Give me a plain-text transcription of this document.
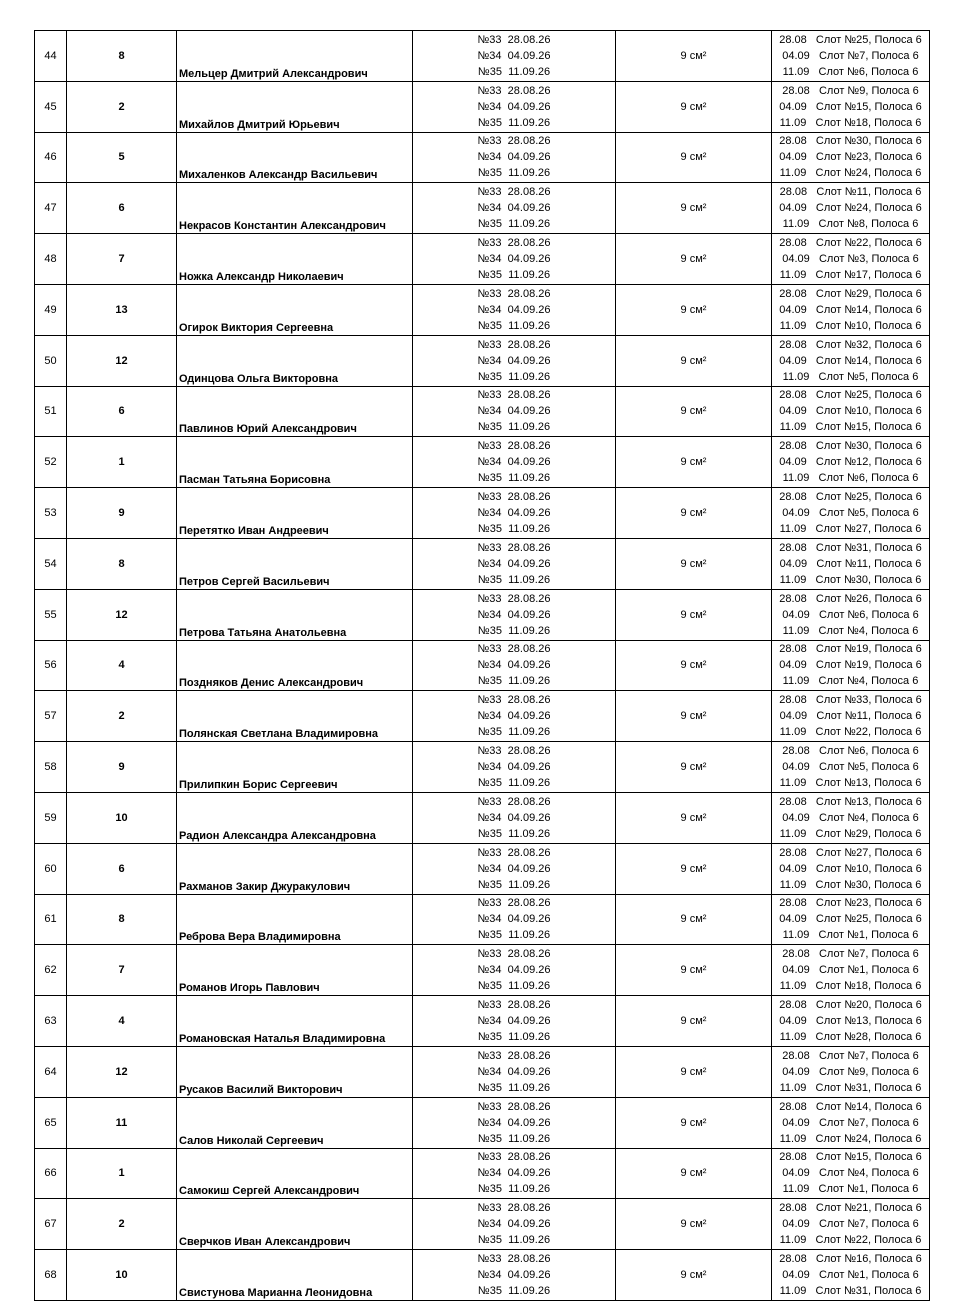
44	8	Мельцер Дмитрий Александрович	№33 28.08.26
№34 04.09.26
№35 11.09.26	9 см²	28.08   Слот №25, Полоса 6
04.09   Слот №7, Полоса 6
11.09   Слот №6, Полоса 6

45	2	Михайлов Дмитрий Юрьевич	№33 28.08.26
№34 04.09.26
№35 11.09.26	9 см²	28.08   Слот №9, Полоса 6
04.09   Слот №15, Полоса 6
11.09   Слот №18, Полоса 6

46	5	Михаленков Александр Васильевич	№33 28.08.26
№34 04.09.26
№35 11.09.26	9 см²	28.08   Слот №30, Полоса 6
04.09   Слот №23, Полоса 6
11.09   Слот №24, Полоса 6

47	6	Некрасов Константин Александрович	№33 28.08.26
№34 04.09.26
№35 11.09.26	9 см²	28.08   Слот №11, Полоса 6
04.09   Слот №24, Полоса 6
11.09   Слот №8, Полоса 6

48	7	Ножка Александр Николаевич	№33 28.08.26
№34 04.09.26
№35 11.09.26	9 см²	28.08   Слот №22, Полоса 6
04.09   Слот №3, Полоса 6
11.09   Слот №17, Полоса 6

49	13	Огирок Виктория Сергеевна	№33 28.08.26
№34 04.09.26
№35 11.09.26	9 см²	28.08   Слот №29, Полоса 6
04.09   Слот №14, Полоса 6
11.09   Слот №10, Полоса 6

50	12	Одинцова Ольга Викторовна	№33 28.08.26
№34 04.09.26
№35 11.09.26	9 см²	28.08   Слот №32, Полоса 6
04.09   Слот №14, Полоса 6
11.09   Слот №5, Полоса 6

51	6	Павлинов Юрий Александрович	№33 28.08.26
№34 04.09.26
№35 11.09.26	9 см²	28.08   Слот №25, Полоса 6
04.09   Слот №10, Полоса 6
11.09   Слот №15, Полоса 6

52	1	Пасман Татьяна Борисовна	№33 28.08.26
№34 04.09.26
№35 11.09.26	9 см²	28.08   Слот №30, Полоса 6
04.09   Слот №12, Полоса 6
11.09   Слот №6, Полоса 6

53	9	Перетятко Иван Андреевич	№33 28.08.26
№34 04.09.26
№35 11.09.26	9 см²	28.08   Слот №25, Полоса 6
04.09   Слот №5, Полоса 6
11.09   Слот №27, Полоса 6

54	8	Петров Сергей Васильевич	№33 28.08.26
№34 04.09.26
№35 11.09.26	9 см²	28.08   Слот №31, Полоса 6
04.09   Слот №11, Полоса 6
11.09   Слот №30, Полоса 6

55	12	Петрова Татьяна Анатольевна	№33 28.08.26
№34 04.09.26
№35 11.09.26	9 см²	28.08   Слот №26, Полоса 6
04.09   Слот №6, Полоса 6
11.09   Слот №4, Полоса 6

56	4	Поздняков Денис Александрович	№33 28.08.26
№34 04.09.26
№35 11.09.26	9 см²	28.08   Слот №19, Полоса 6
04.09   Слот №19, Полоса 6
11.09   Слот №4, Полоса 6

57	2	Полянская Светлана Владимировна	№33 28.08.26
№34 04.09.26
№35 11.09.26	9 см²	28.08   Слот №33, Полоса 6
04.09   Слот №11, Полоса 6
11.09   Слот №22, Полоса 6

58	9	Прилипкин Борис Сергеевич	№33 28.08.26
№34 04.09.26
№35 11.09.26	9 см²	28.08   Слот №6, Полоса 6
04.09   Слот №5, Полоса 6
11.09   Слот №13, Полоса 6

59	10	Радион Александра Александровна	№33 28.08.26
№34 04.09.26
№35 11.09.26	9 см²	28.08   Слот №13, Полоса 6
04.09   Слот №4, Полоса 6
11.09   Слот №29, Полоса 6

60	6	Рахманов Закир Джуракулович	№33 28.08.26
№34 04.09.26
№35 11.09.26	9 см²	28.08   Слот №27, Полоса 6
04.09   Слот №10, Полоса 6
11.09   Слот №30, Полоса 6

61	8	Реброва Вера Владимировна	№33 28.08.26
№34 04.09.26
№35 11.09.26	9 см²	28.08   Слот №23, Полоса 6
04.09   Слот №25, Полоса 6
11.09   Слот №1, Полоса 6

62	7	Романов Игорь Павлович	№33 28.08.26
№34 04.09.26
№35 11.09.26	9 см²	28.08   Слот №7, Полоса 6
04.09   Слот №1, Полоса 6
11.09   Слот №18, Полоса 6

63	4	Романовская Наталья Владимировна	№33 28.08.26
№34 04.09.26
№35 11.09.26	9 см²	28.08   Слот №20, Полоса 6
04.09   Слот №13, Полоса 6
11.09   Слот №28, Полоса 6

64	12	Русаков Василий Викторович	№33 28.08.26
№34 04.09.26
№35 11.09.26	9 см²	28.08   Слот №7, Полоса 6
04.09   Слот №9, Полоса 6
11.09   Слот №31, Полоса 6

65	11	Салов Николай Сергеевич	№33 28.08.26
№34 04.09.26
№35 11.09.26	9 см²	28.08   Слот №14, Полоса 6
04.09   Слот №7, Полоса 6
11.09   Слот №24, Полоса 6

66	1	Самокиш Сергей Александрович	№33 28.08.26
№34 04.09.26
№35 11.09.26	9 см²	28.08   Слот №15, Полоса 6
04.09   Слот №4, Полоса 6
11.09   Слот №1, Полоса 6

67	2	Сверчков Иван Александрович	№33 28.08.26
№34 04.09.26
№35 11.09.26	9 см²	28.08   Слот №21, Полоса 6
04.09   Слот №7, Полоса 6
11.09   Слот №22, Полоса 6

68	10	Свистунова Марианна Леонидовна	№33 28.08.26
№34 04.09.26
№35 11.09.26	9 см²	28.08   Слот №16, Полоса 6
04.09   Слот №1, Полоса 6
11.09   Слот №31, Полоса 6
